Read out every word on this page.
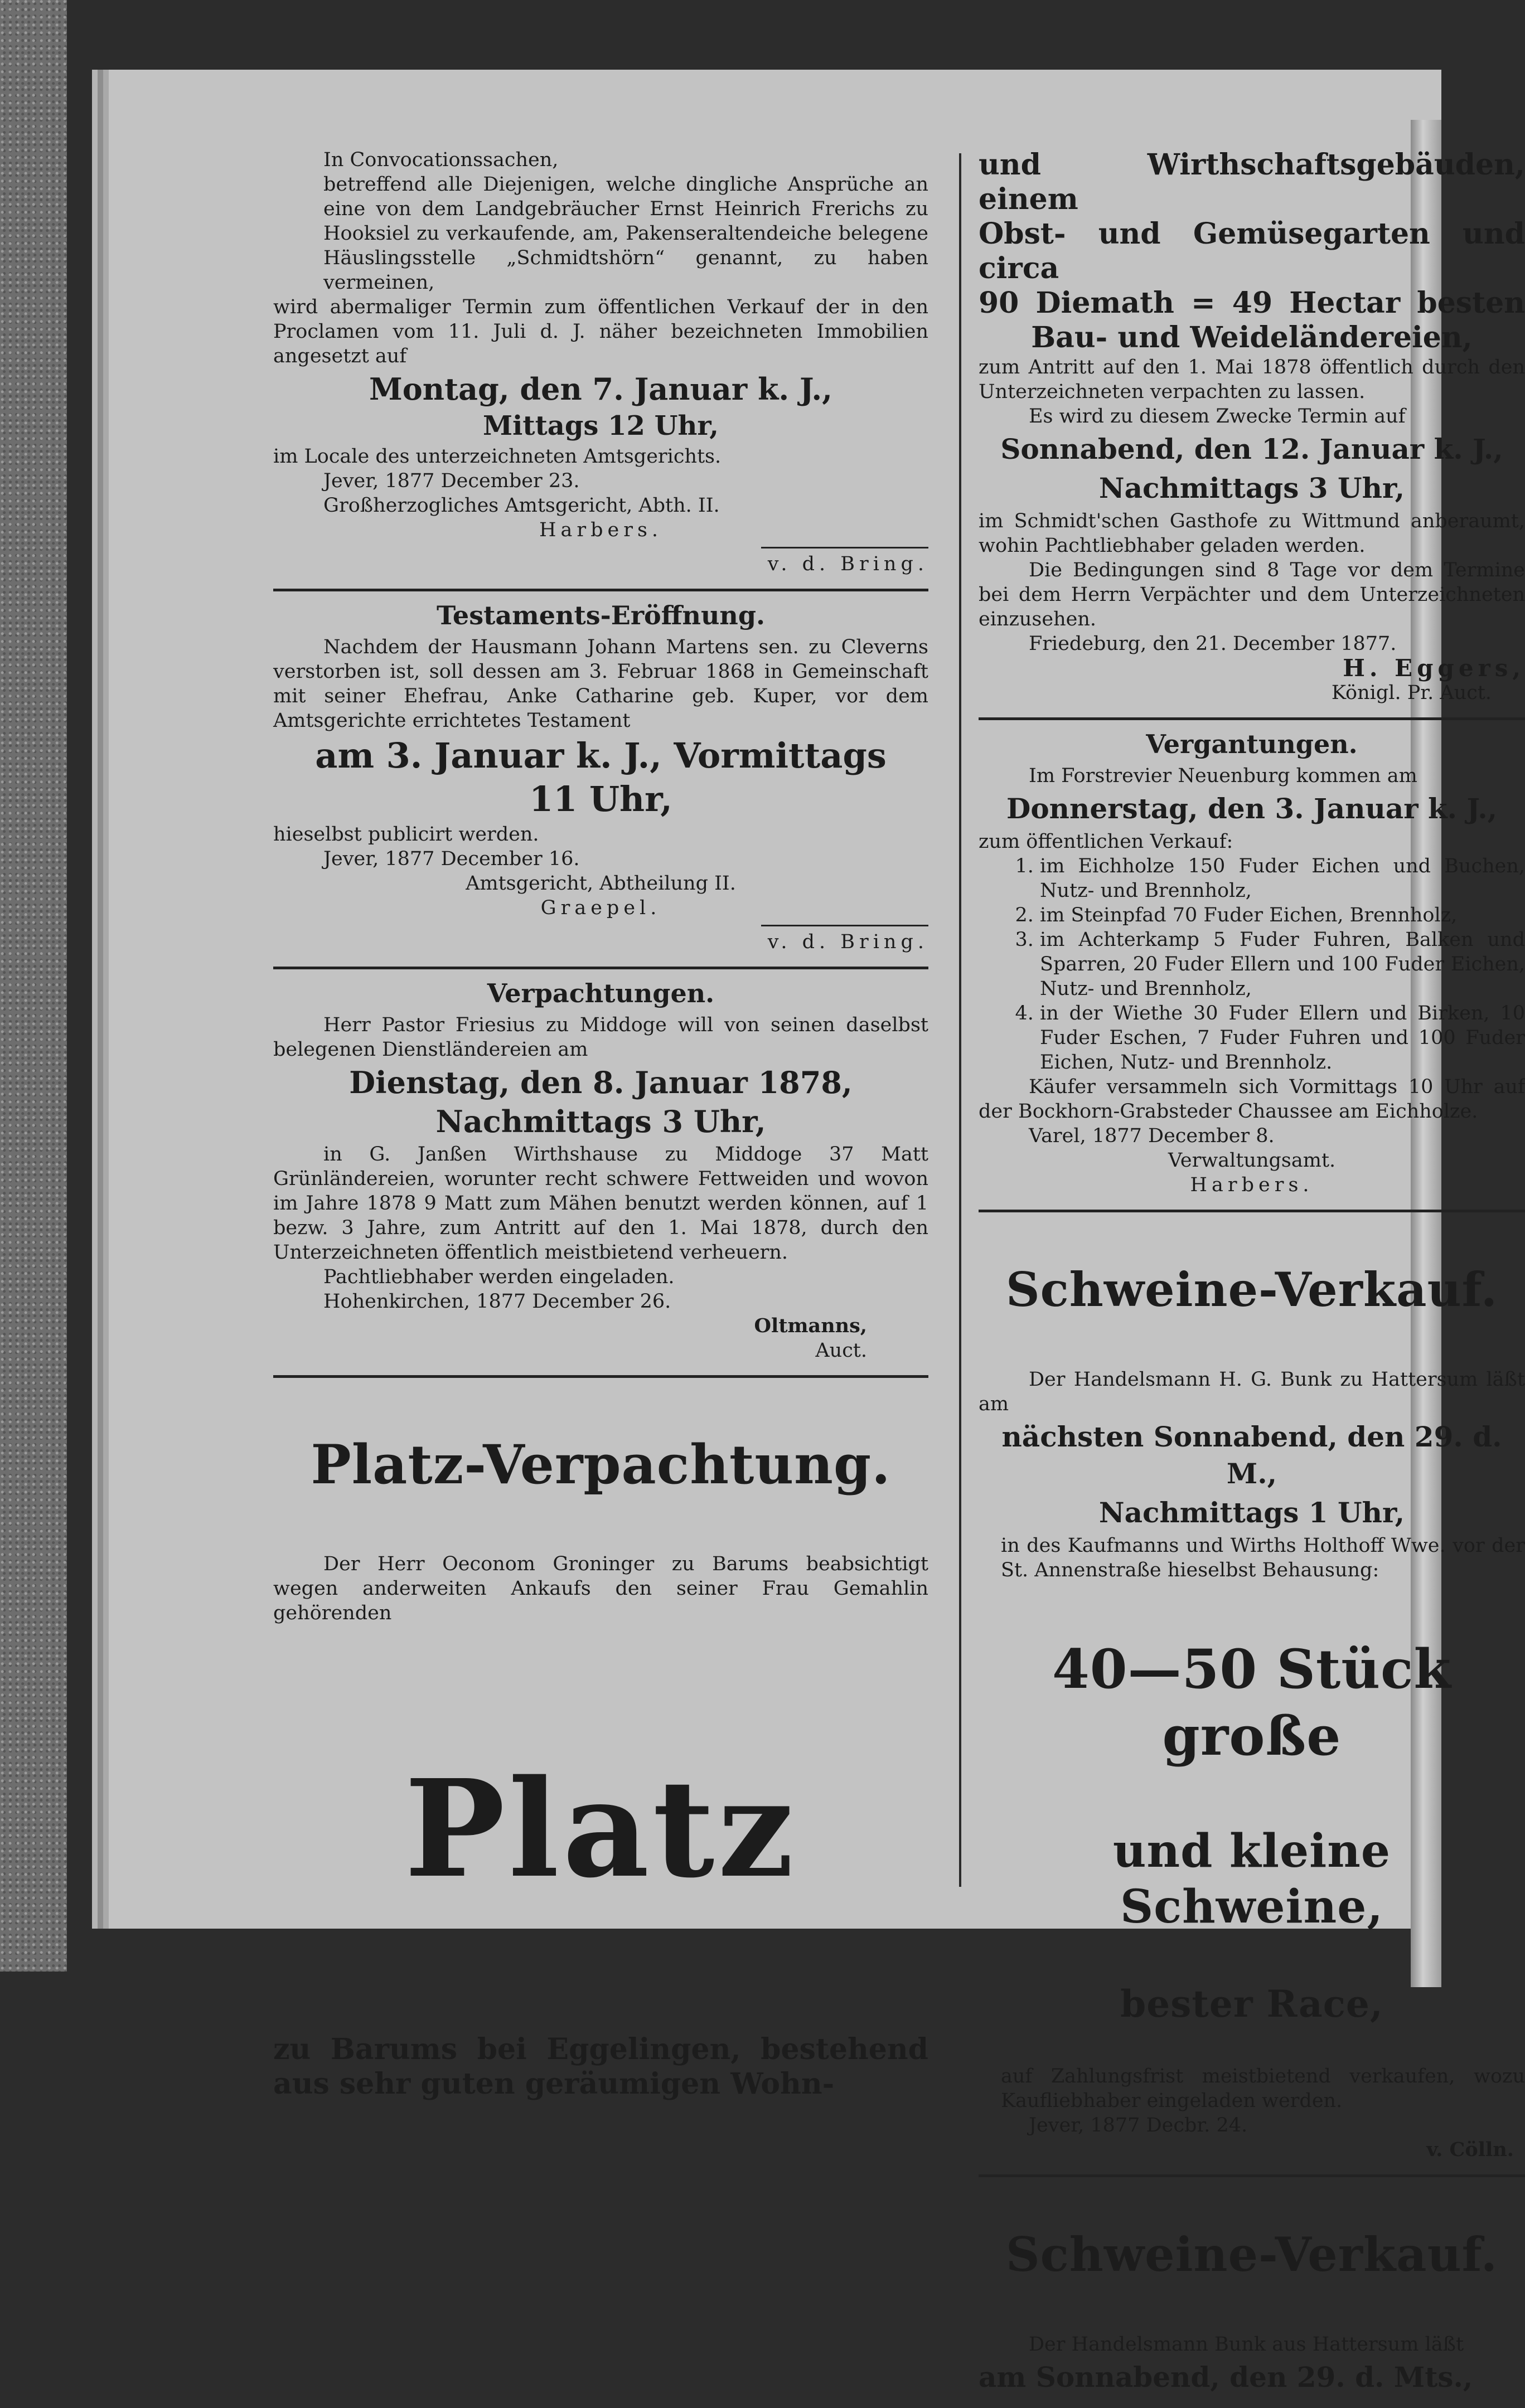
In Convocationssachen,

betreffend alle Diejenigen, welche dingliche Ansprüche an eine von dem Landgebräucher Ernst Heinrich Frerichs zu Hooksiel zu verkaufende, am, Pakenseraltendeiche belegene Häuslingsstelle „Schmidtshörn“ genannt, zu haben vermeinen,

wird abermaliger Termin zum öffentlichen Verkauf der in den Proclamen vom 11. Juli d. J. näher bezeichneten Immobilien angesetzt auf

Montag, den 7. Januar k. J.,

Mittags 12 Uhr,

im Locale des unterzeichneten Amtsgerichts.

Jever, 1877 December 23.

Großherzogliches Amtsgericht, Abth. II.

Harbers.

v. d. Bring.

Testaments-Eröffnung.

Nachdem der Hausmann Johann Martens sen. zu Cleverns verstorben ist, soll dessen am 3. Februar 1868 in Gemeinschaft mit seiner Ehefrau, Anke Catharine geb. Kuper, vor dem Amtsgerichte errichtetes Testament

am 3. Januar k. J., Vormittags

11 Uhr,

hieselbst publicirt werden.

Jever, 1877 December 16.

Amtsgericht, Abtheilung II.

Graepel.

v. d. Bring.

Verpachtungen.

Herr Pastor Friesius zu Middoge will von seinen daselbst belegenen Dienstländereien am

Dienstag, den 8. Januar 1878,

Nachmittags 3 Uhr,

in G. Janßen Wirthshause zu Middoge 37 Matt Grünländereien, worunter recht schwere Fettweiden und wovon im Jahre 1878 9 Matt zum Mähen benutzt werden können, auf 1 bezw. 3 Jahre, zum Antritt auf den 1. Mai 1878, durch den Unterzeichneten öffentlich meistbietend verheuern.

Pachtliebhaber werden eingeladen.

Hohenkirchen, 1877 December 26.

Oltmanns,

Auct.

Platz-Verpachtung.

Der Herr Oeconom Groninger zu Barums beabsichtigt wegen anderweiten Ankaufs den seiner Frau Gemahlin gehörenden

Platz

zu Barums bei Eggelingen, bestehend aus sehr guten geräumigen Wohn-

und Wirthschaftsgebäuden, einem

Obst- und Gemüsegarten und circa

90 Diemath = 49 Hectar besten

Bau- und Weideländereien,

zum Antritt auf den 1. Mai 1878 öffentlich durch den Unterzeichneten verpachten zu lassen.

Es wird zu diesem Zwecke Termin auf

Sonnabend, den 12. Januar k. J.,

Nachmittags 3 Uhr,

im Schmidt'schen Gasthofe zu Wittmund anberaumt, wohin Pachtliebhaber geladen werden.

Die Bedingungen sind 8 Tage vor dem Termine bei dem Herrn Verpächter und dem Unterzeichneten einzusehen.

Friedeburg, den 21. December 1877.

H. Eggers,

Königl. Pr. Auct.

Vergantungen.

Im Forstrevier Neuenburg kommen am

Donnerstag, den 3. Januar k. J.,

zum öffentlichen Verkauf:

1. im Eichholze 150 Fuder Eichen und Buchen, Nutz- und Brennholz,
2. im Steinpfad 70 Fuder Eichen, Brennholz,
3. im Achterkamp 5 Fuder Fuhren, Balken und Sparren, 20 Fuder Ellern und 100 Fuder Eichen, Nutz- und Brennholz,
4. in der Wiethe 30 Fuder Ellern und Birken, 10 Fuder Eschen, 7 Fuder Fuhren und 100 Fuder Eichen, Nutz- und Brennholz.

Käufer versammeln sich Vormittags 10 Uhr auf der Bockhorn-Grabsteder Chaussee am Eichholze.

Varel, 1877 December 8.

Verwaltungsamt.

Harbers.

Schweine-Verkauf.

Der Handelsmann H. G. Bunk zu Hattersum läßt am

nächsten Sonnabend, den 29. d. M.,

Nachmittags 1 Uhr,

in des Kaufmanns und Wirths Holthoff Wwe. vor der St. Annenstraße hieselbst Behausung:

40—50 Stück große

und kleine Schweine,

bester Race,

auf Zahlungsfrist meistbietend verkaufen, wozu Kaufliebhaber eingeladen werden.

Jever, 1877 Decbr. 24.

v. Cölln.

Schweine-Verkauf.

Der Handelsmann Bunk aus Hattersum läßt

am Sonnabend, den 29. d. Mts.,
